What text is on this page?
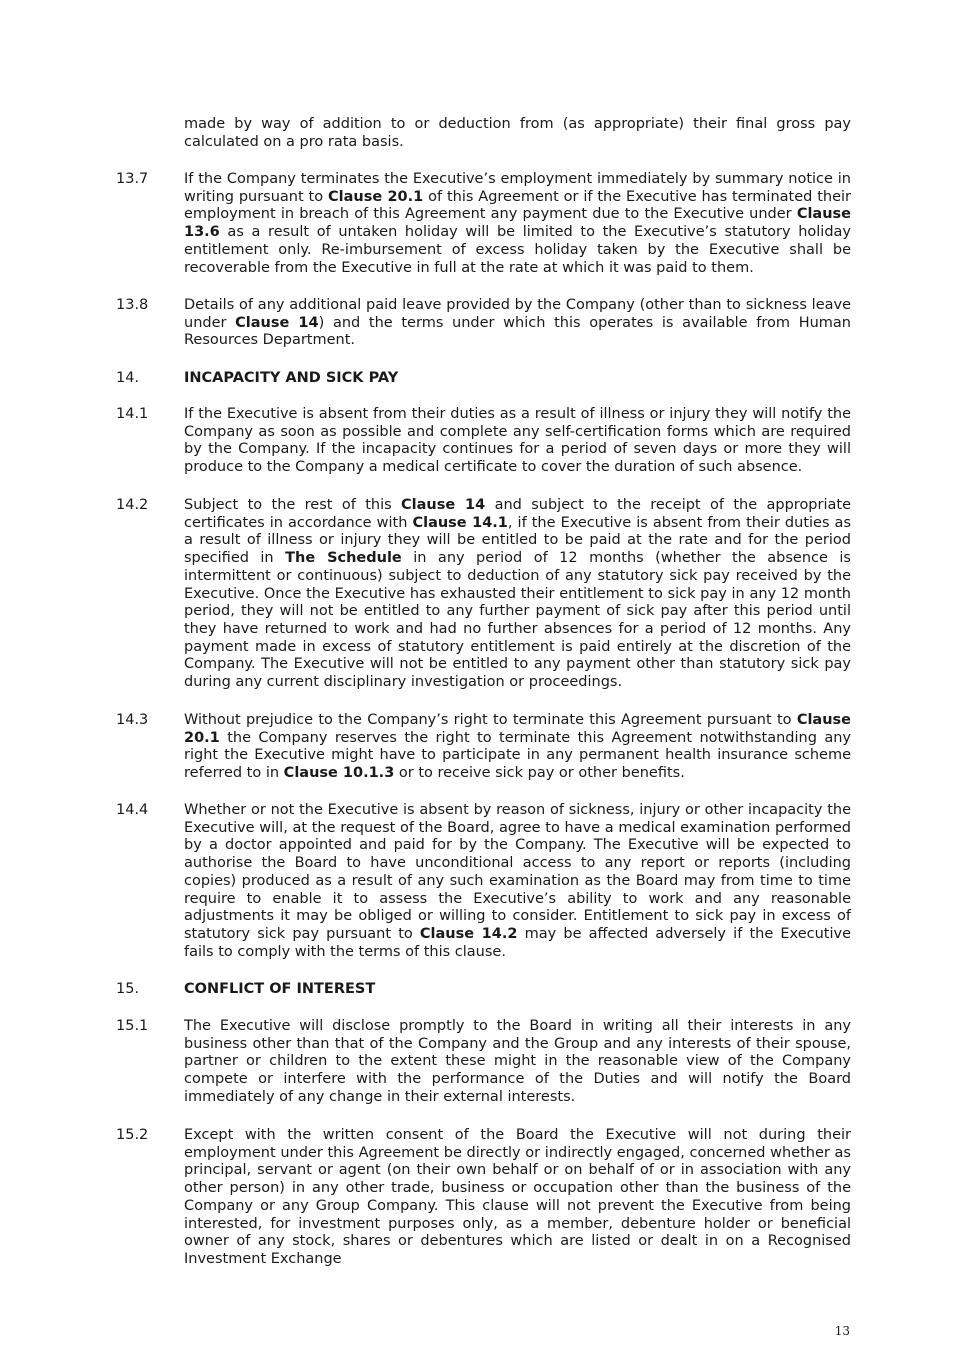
made by way of addition to or deduction from (as appropriate) their final gross pay calculated on a pro rata basis.
13.7	If the Company terminates the Executive’s employment immediately by summary notice in writing pursuant to Clause 20.1 of this Agreement or if the Executive has terminated their employment in breach of this Agreement any payment due to the Executive under Clause 13.6 as a result of untaken holiday will be limited to the Executive’s statutory holiday entitlement only. Re-imbursement of excess holiday taken by the Executive shall be recoverable from the Executive in full at the rate at which it was paid to them.
13.8	Details of any additional paid leave provided by the Company (other than to sickness leave under Clause 14) and the terms under which this operates is available from Human Resources Department.
14.	INCAPACITY AND SICK PAY
14.1	If the Executive is absent from their duties as a result of illness or injury they will notify the Company as soon as possible and complete any self-certification forms which are required by the Company. If the incapacity continues for a period of seven days or more they will produce to the Company a medical certificate to cover the duration of such absence.
14.2	Subject to the rest of this Clause 14 and subject to the receipt of the appropriate certificates in accordance with Clause 14.1, if the Executive is absent from their duties as a result of illness or injury they will be entitled to be paid at the rate and for the period specified in The Schedule in any period of 12 months (whether the absence is intermittent or continuous) subject to deduction of any statutory sick pay received by the Executive. Once the Executive has exhausted their entitlement to sick pay in any 12 month period, they will not be entitled to any further payment of sick pay after this period until they have returned to work and had no further absences for a period of 12 months. Any payment made in excess of statutory entitlement is paid entirely at the discretion of the Company. The Executive will not be entitled to any payment other than statutory sick pay during any current disciplinary investigation or proceedings.
14.3	Without prejudice to the Company’s right to terminate this Agreement pursuant to Clause 20.1 the Company reserves the right to terminate this Agreement notwithstanding any right the Executive might have to participate in any permanent health insurance scheme referred to in Clause 10.1.3 or to receive sick pay or other benefits.
14.4	Whether or not the Executive is absent by reason of sickness, injury or other incapacity the Executive will, at the request of the Board, agree to have a medical examination performed by a doctor appointed and paid for by the Company. The Executive will be expected to authorise the Board to have unconditional access to any report or reports (including copies) produced as a result of any such examination as the Board may from time to time require to enable it to assess the Executive’s ability to work and any reasonable adjustments it may be obliged or willing to consider. Entitlement to sick pay in excess of statutory sick pay pursuant to Clause 14.2 may be affected adversely if the Executive fails to comply with the terms of this clause.
15.	CONFLICT OF INTEREST
15.1	The Executive will disclose promptly to the Board in writing all their interests in any business other than that of the Company and the Group and any interests of their spouse, partner or children to the extent these might in the reasonable view of the Company compete or interfere with the performance of the Duties and will notify the Board immediately of any change in their external interests.
15.2	Except with the written consent of the Board the Executive will not during their employment under this Agreement be directly or indirectly engaged, concerned whether as principal, servant or agent (on their own behalf or on behalf of or in association with any other person) in any other trade, business or occupation other than the business of the Company or any Group Company. This clause will not prevent the Executive from being interested, for investment purposes only, as a member, debenture holder or beneficial owner of any stock, shares or debentures which are listed or dealt in on a Recognised Investment Exchange
13
